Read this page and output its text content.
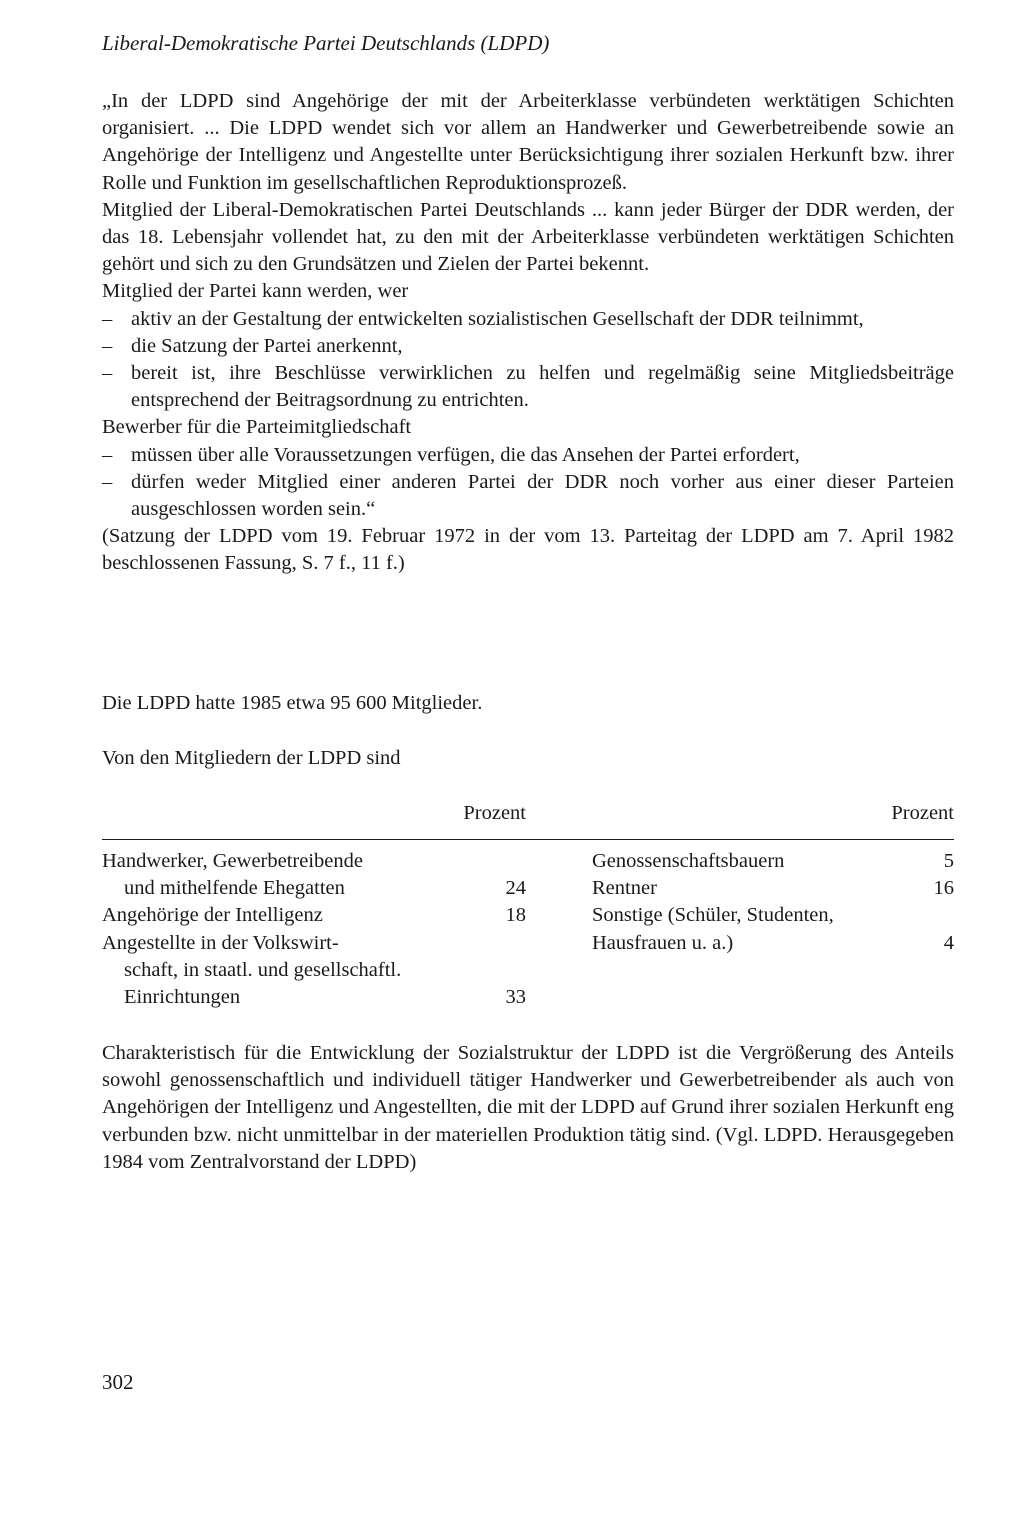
Liberal-Demokratische Partei Deutschlands (LDPD)

„In der LDPD sind Angehörige der mit der Arbeiterklasse verbündeten werktätigen Schichten organisiert. ... Die LDPD wendet sich vor allem an Handwerker und Gewerbetreibende sowie an Angehörige der Intelligenz und Angestellte unter Berücksichtigung ihrer sozialen Herkunft bzw. ihrer Rolle und Funktion im gesellschaftlichen Reproduktionsprozeß.

Mitglied der Liberal-Demokratischen Partei Deutschlands ... kann jeder Bürger der DDR werden, der das 18. Lebensjahr vollendet hat, zu den mit der Arbeiterklasse verbündeten werktätigen Schichten gehört und sich zu den Grundsätzen und Zielen der Partei bekennt.

Mitglied der Partei kann werden, wer

– aktiv an der Gestaltung der entwickelten sozialistischen Gesellschaft der DDR teilnimmt,
– die Satzung der Partei anerkennt,
– bereit ist, ihre Beschlüsse verwirklichen zu helfen und regelmäßig seine Mitgliedsbeiträge entsprechend der Beitragsordnung zu entrichten.

Bewerber für die Parteimitgliedschaft

– müssen über alle Voraussetzungen verfügen, die das Ansehen der Partei erfordert,
– dürfen weder Mitglied einer anderen Partei der DDR noch vorher aus einer dieser Parteien ausgeschlossen worden sein.“

(Satzung der LDPD vom 19. Februar 1972 in der vom 13. Parteitag der LDPD am 7. April 1982 beschlossenen Fassung, S. 7 f., 11 f.)

Die LDPD hatte 1985 etwa 95 600 Mitglieder.
Von den Mitgliedern der LDPD sind
Prozent	Prozent
Handwerker, Gewerbetreibende
und mithelfende Ehegatten	24
Angehörige der Intelligenz	18
Angestellte in der Volkswirt-
schaft, in staatl. und gesellschaftl.
Einrichtungen	33
Genossenschaftsbauern	5
Rentner	16
Sonstige (Schüler, Studenten,
Hausfrauen u. a.)	4

Charakteristisch für die Entwicklung der Sozialstruktur der LDPD ist die Vergrößerung des Anteils sowohl genossenschaftlich und individuell tätiger Handwerker und Gewerbetreibender als auch von Angehörigen der Intelligenz und Angestellten, die mit der LDPD auf Grund ihrer sozialen Herkunft eng verbunden bzw. nicht unmittelbar in der materiellen Produktion tätig sind. (Vgl. LDPD. Herausgegeben 1984 vom Zentralvorstand der LDPD)

302
